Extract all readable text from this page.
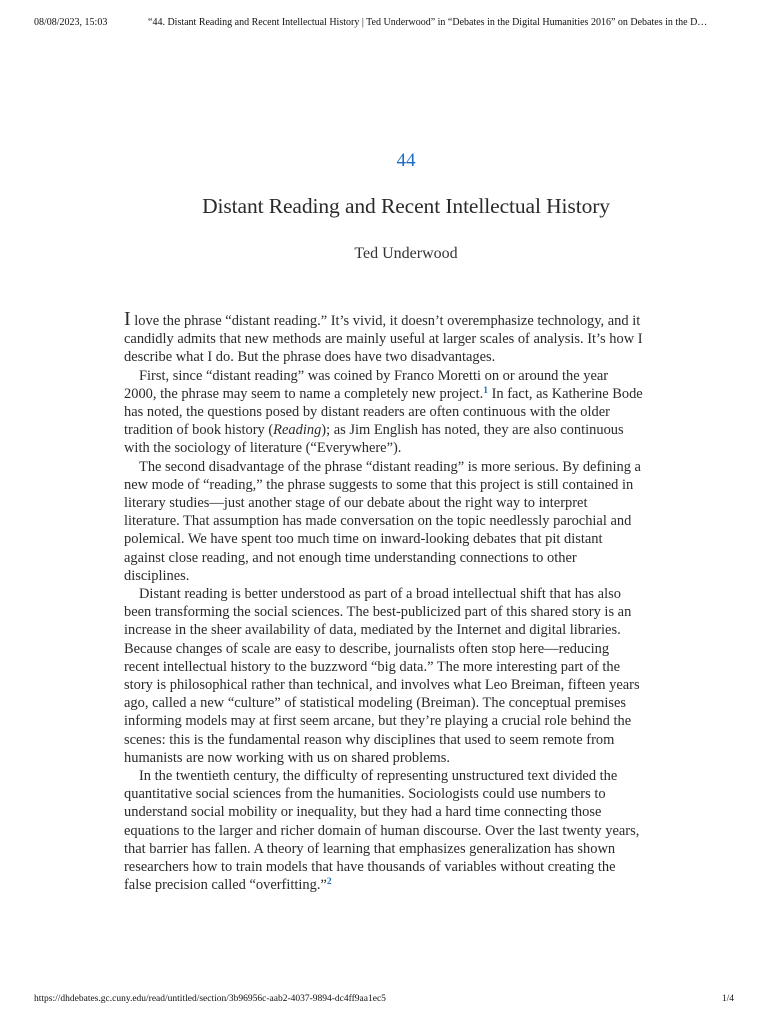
08/08/2023, 15:03	“44. Distant Reading and Recent Intellectual History | Ted Underwood” in “Debates in the Digital Humanities 2016” on Debates in the D…
44
Distant Reading and Recent Intellectual History
Ted Underwood

I love the phrase “distant reading.” It’s vivid, it doesn’t overemphasize technology, and it candidly admits that new methods are mainly useful at larger scales of analysis. It’s how I describe what I do. But the phrase does have two disadvantages.

First, since “distant reading” was coined by Franco Moretti on or around the year 2000, the phrase may seem to name a completely new project.$^1$ In fact, as Katherine Bode has noted, the questions posed by distant readers are often continuous with the older tradition of book history (Reading); as Jim English has noted, they are also continuous with the sociology of literature (“Everywhere”).

The second disadvantage of the phrase “distant reading” is more serious. By defining a new mode of “reading,” the phrase suggests to some that this project is still contained in literary studies—just another stage of our debate about the right way to interpret literature. That assumption has made conversation on the topic needlessly parochial and polemical. We have spent too much time on inward-looking debates that pit distant against close reading, and not enough time understanding connections to other disciplines.

Distant reading is better understood as part of a broad intellectual shift that has also been transforming the social sciences. The best-publicized part of this shared story is an increase in the sheer availability of data, mediated by the Internet and digital libraries. Because changes of scale are easy to describe, journalists often stop here—reducing recent intellectual history to the buzzword “big data.” The more interesting part of the story is philosophical rather than technical, and involves what Leo Breiman, fifteen years ago, called a new “culture” of statistical modeling (Breiman). The conceptual premises informing models may at first seem arcane, but they’re playing a crucial role behind the scenes: this is the fundamental reason why disciplines that used to seem remote from humanists are now working with us on shared problems.

In the twentieth century, the difficulty of representing unstructured text divided the quantitative social sciences from the humanities. Sociologists could use numbers to understand social mobility or inequality, but they had a hard time connecting those equations to the larger and richer domain of human discourse. Over the last twenty years, that barrier has fallen. A theory of learning that emphasizes generalization has shown researchers how to train models that have thousands of variables without creating the false precision called “overfitting.”$^2$

https://dhdebates.gc.cuny.edu/read/untitled/section/3b96956c-aab2-4037-9894-dc4ff9aa1ec5	1/4
